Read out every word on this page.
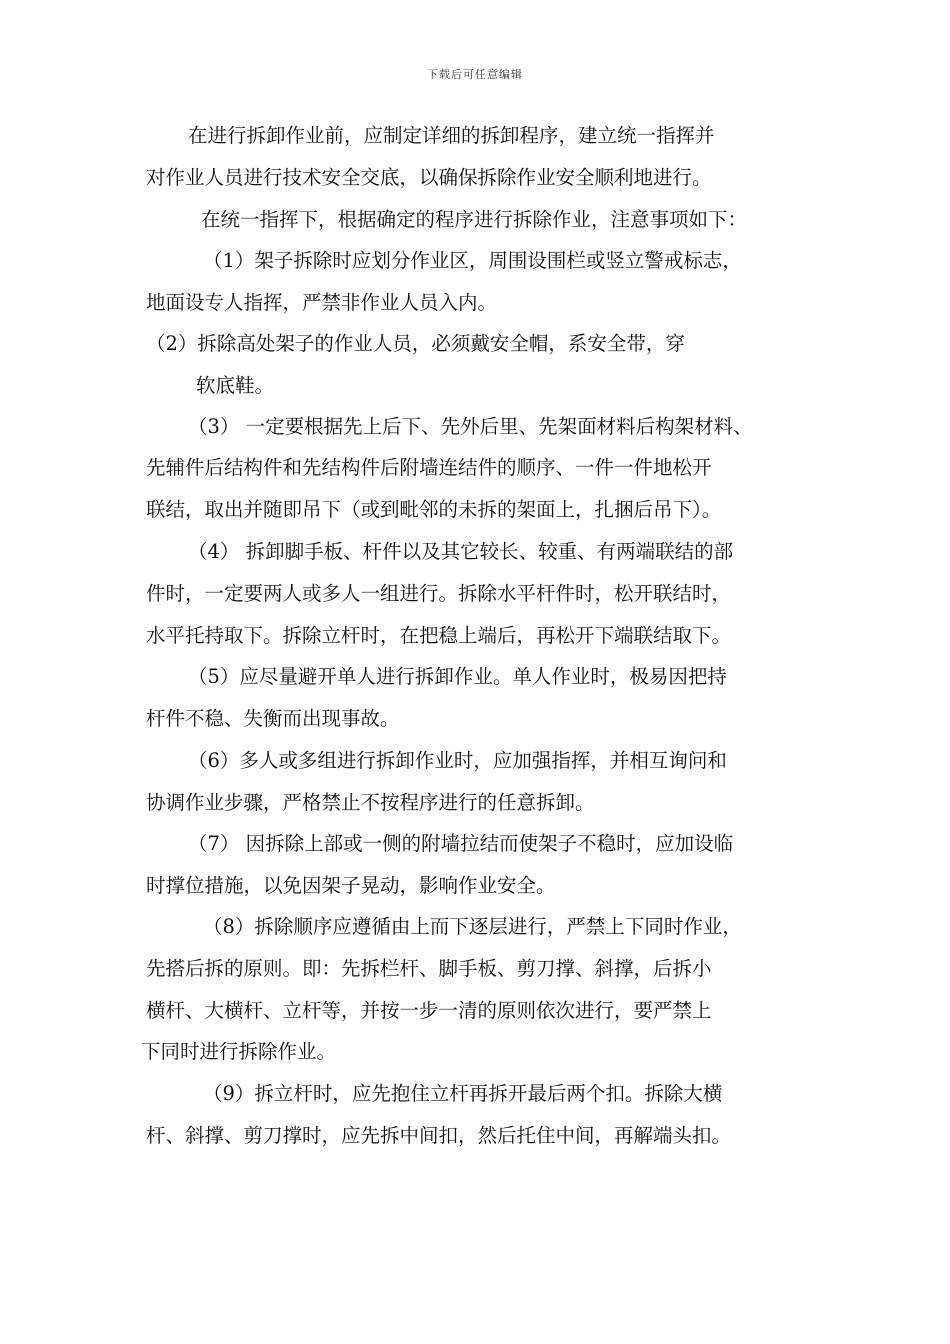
下载后可任意编辑
在进行拆卸作业前，应制定详细的拆卸程序，建立统一指挥并
对作业人员进行技术安全交底，以确保拆除作业安全顺利地进行。
在统一指挥下，根据确定的程序进行拆除作业，注意事项如下：
（1）架子拆除时应划分作业区，周围设围栏或竖立警戒标志，
地面设专人指挥，严禁非作业人员入内。
（2）拆除高处架子的作业人员，必须戴安全帽，系安全带，穿
软底鞋。
（3） 一定要根据先上后下、先外后里、先架面材料后构架材料、
先辅件后结构件和先结构件后附墙连结件的顺序、一件一件地松开
联结，取出并随即吊下（或到毗邻的未拆的架面上，扎捆后吊下）。
（4） 拆卸脚手板、杆件以及其它较长、较重、有两端联结的部
件时，一定要两人或多人一组进行。拆除水平杆件时，松开联结时，
水平托持取下。拆除立杆时，在把稳上端后，再松开下端联结取下。
（5）应尽量避开单人进行拆卸作业。单人作业时，极易因把持
杆件不稳、失衡而出现事故。
（6）多人或多组进行拆卸作业时，应加强指挥，并相互询问和
协调作业步骤，严格禁止不按程序进行的任意拆卸。
（7） 因拆除上部或一侧的附墙拉结而使架子不稳时，应加设临
时撑位措施，以免因架子晃动，影响作业安全。
（8）拆除顺序应遵循由上而下逐层进行，严禁上下同时作业，
先搭后拆的原则。即：先拆栏杆、脚手板、剪刀撑、斜撑，后拆小
横杆、大横杆、立杆等，并按一步一清的原则依次进行，要严禁上
下同时进行拆除作业。
（9）拆立杆时，应先抱住立杆再拆开最后两个扣。拆除大横
杆、斜撑、剪刀撑时，应先拆中间扣，然后托住中间，再解端头扣。
